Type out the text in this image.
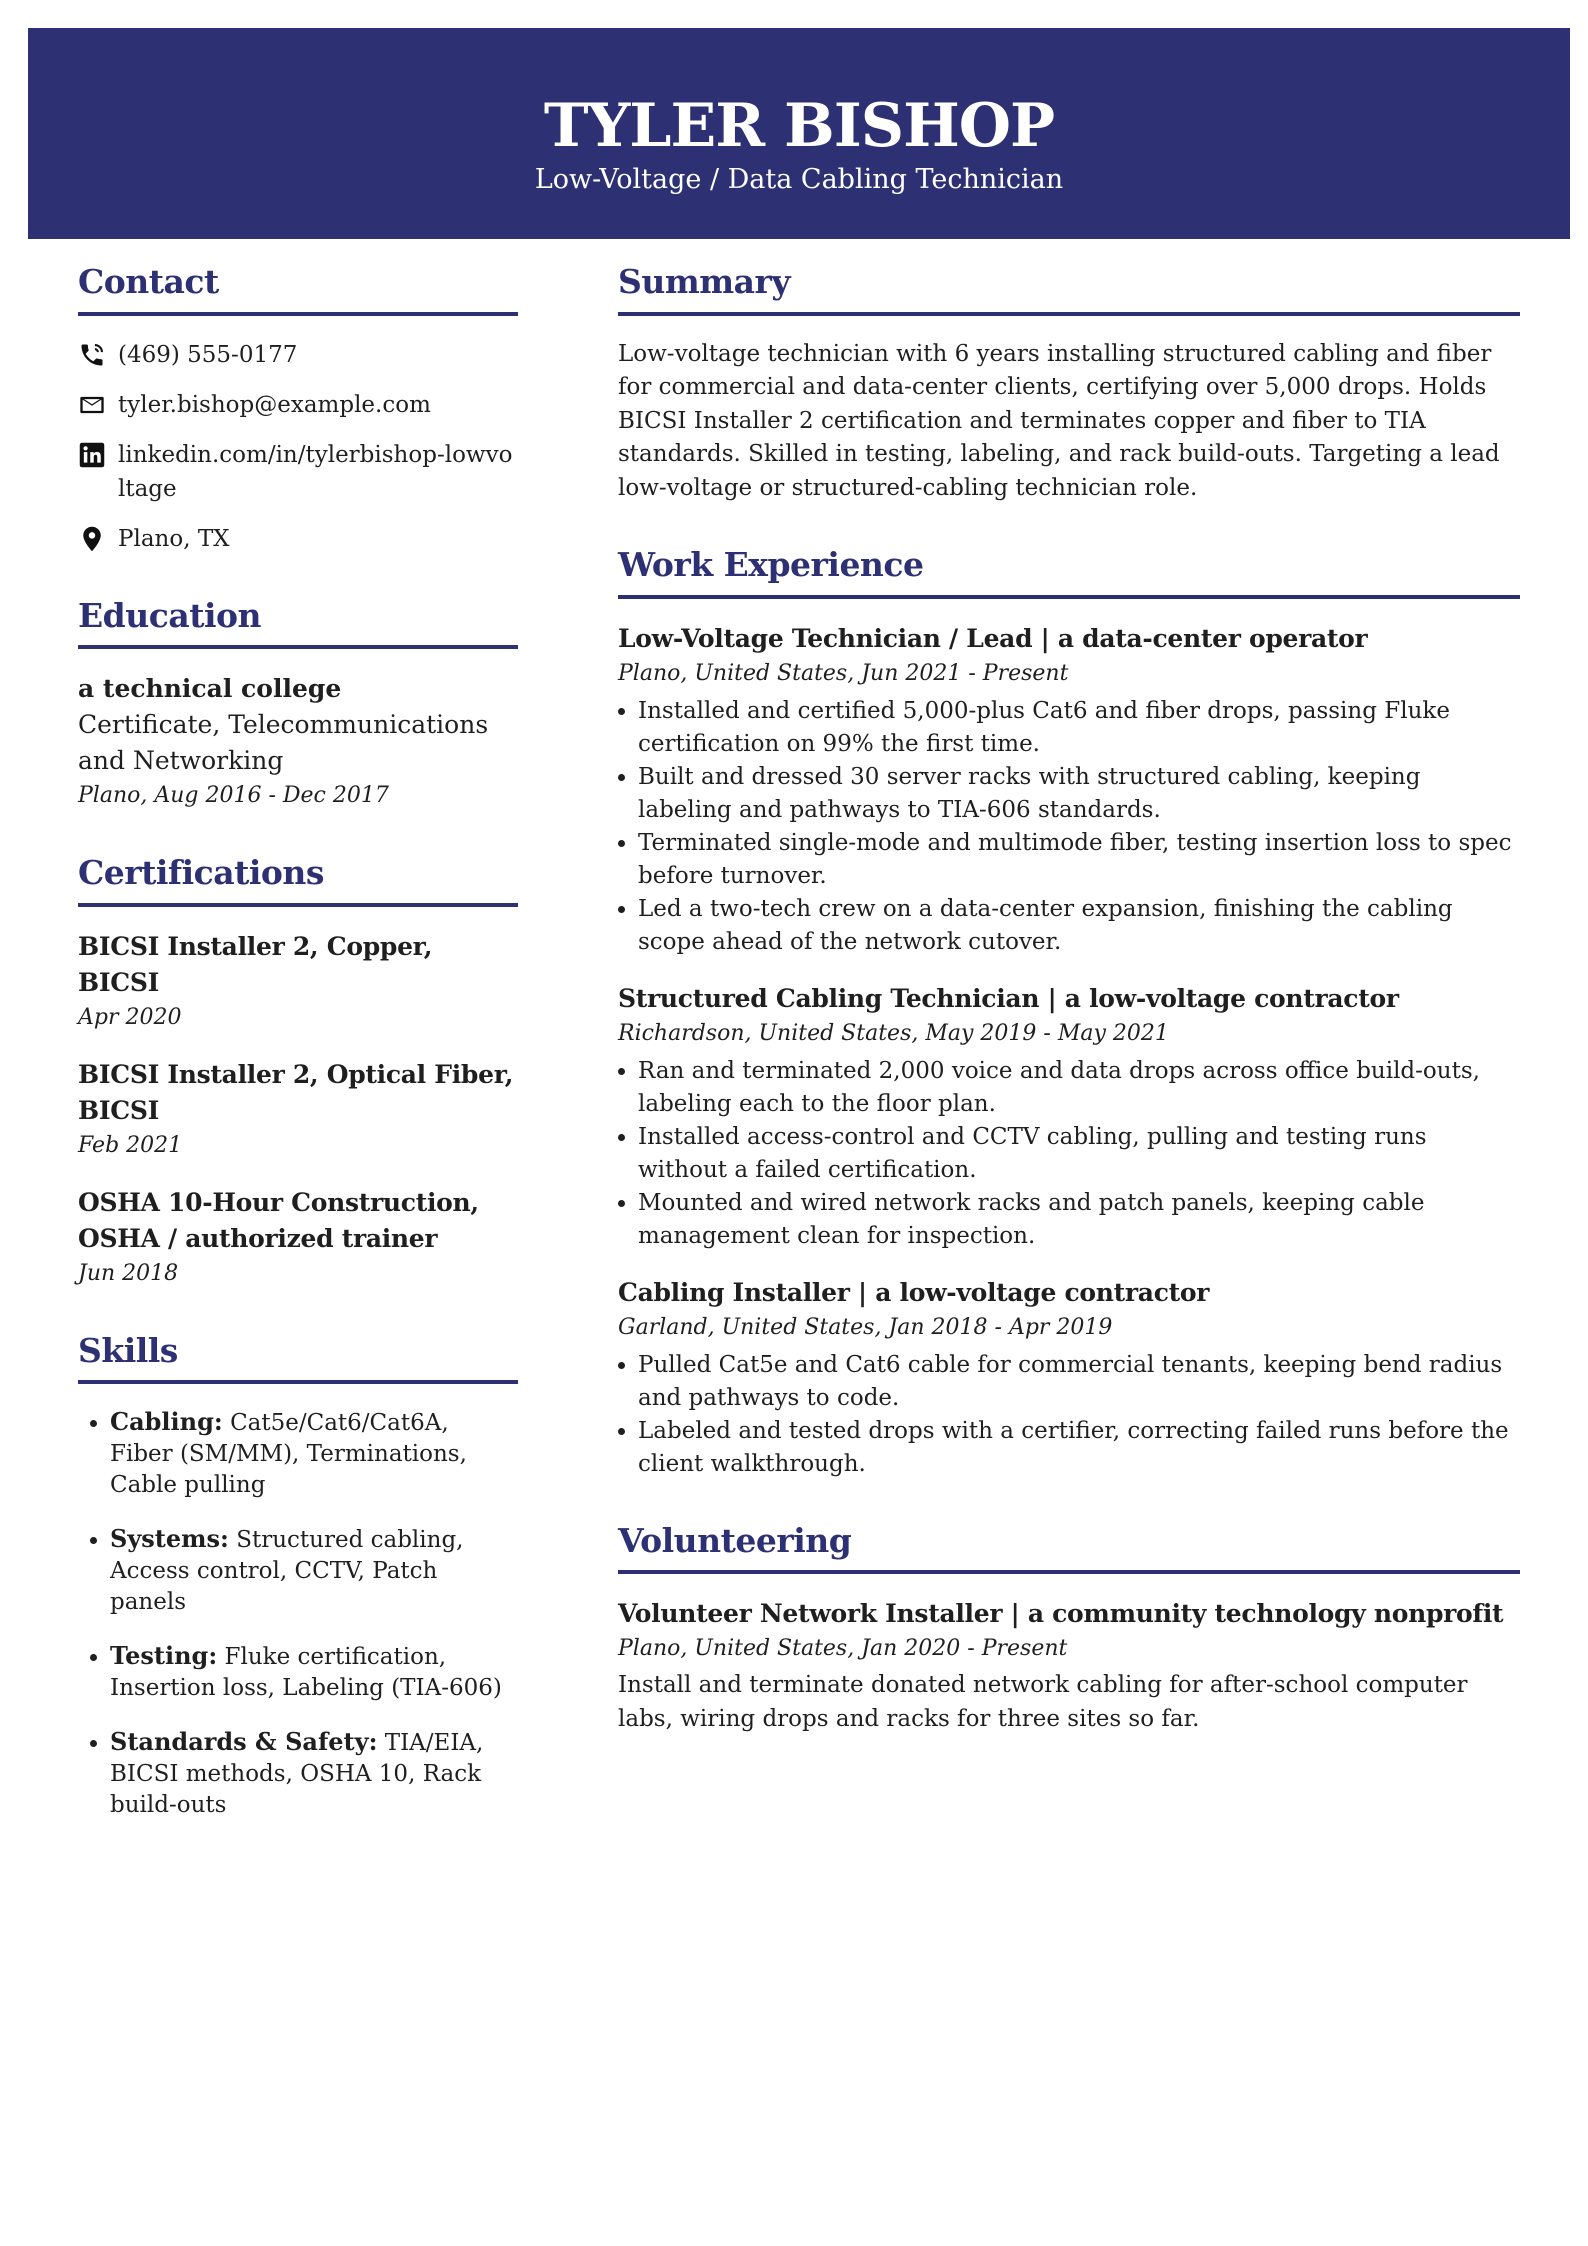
TYLER BISHOP
Low-Voltage / Data Cabling Technician
Contact
(469) 555-0177
tyler.bishop@example.com
linkedin.com/in/tylerbishop-lowvoltage
Plano, TX
Education
a technical college
Certificate, Telecommunications and Networking
Plano, Aug 2016 - Dec 2017
Certifications
BICSI Installer 2, Copper, BICSI
Apr 2020
BICSI Installer 2, Optical Fiber, BICSI
Feb 2021
OSHA 10-Hour Construction, OSHA / authorized trainer
Jun 2018
Skills
• Cabling: Cat5e/Cat6/Cat6A, Fiber (SM/MM), Terminations, Cable pulling
• Systems: Structured cabling, Access control, CCTV, Patch panels
• Testing: Fluke certification, Insertion loss, Labeling (TIA-606)
• Standards & Safety: TIA/EIA, BICSI methods, OSHA 10, Rack build-outs
Summary

Low-voltage technician with 6 years installing structured cabling and fiber for commercial and data-center clients, certifying over 5,000 drops. Holds BICSI Installer 2 certification and terminates copper and fiber to TIA standards. Skilled in testing, labeling, and rack build-outs. Targeting a lead low-voltage or structured-cabling technician role.

Work Experience
Low-Voltage Technician / Lead | a data-center operator
Plano, United States, Jun 2021 - Present
• Installed and certified 5,000-plus Cat6 and fiber drops, passing Fluke certification on 99% the first time.
• Built and dressed 30 server racks with structured cabling, keeping labeling and pathways to TIA-606 standards.
• Terminated single-mode and multimode fiber, testing insertion loss to spec before turnover.
• Led a two-tech crew on a data-center expansion, finishing the cabling scope ahead of the network cutover.
Structured Cabling Technician | a low-voltage contractor
Richardson, United States, May 2019 - May 2021
• Ran and terminated 2,000 voice and data drops across office build-outs, labeling each to the floor plan.
• Installed access-control and CCTV cabling, pulling and testing runs without a failed certification.
• Mounted and wired network racks and patch panels, keeping cable management clean for inspection.
Cabling Installer | a low-voltage contractor
Garland, United States, Jan 2018 - Apr 2019
• Pulled Cat5e and Cat6 cable for commercial tenants, keeping bend radius and pathways to code.
• Labeled and tested drops with a certifier, correcting failed runs before the client walkthrough.
Volunteering
Volunteer Network Installer | a community technology nonprofit
Plano, United States, Jan 2020 - Present

Install and terminate donated network cabling for after-school computer labs, wiring drops and racks for three sites so far.
